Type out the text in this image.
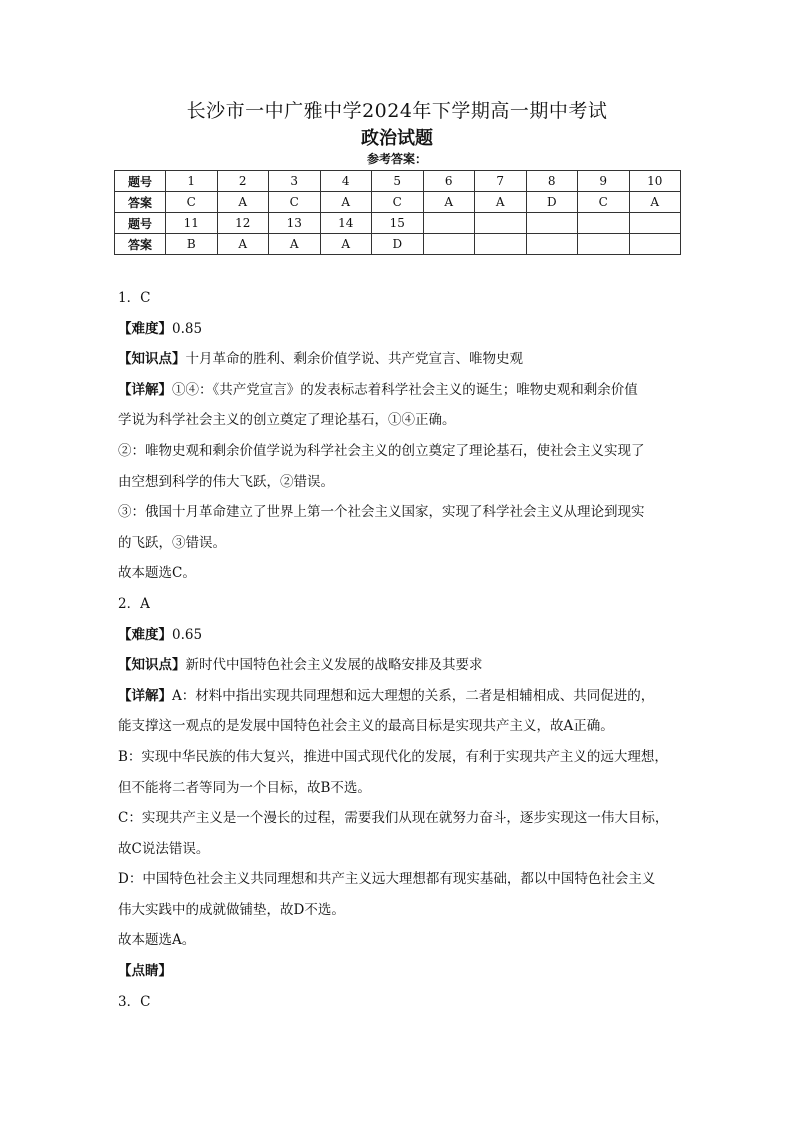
长沙市一中广雅中学2024年下学期高一期中考试
政治试题
参考答案：
题号	1	2	3	4	5	6	7	8	9	10
答案	C	A	C	A	C	A	A	D	C	A
题号	11	12	13	14	15					
答案	B	A	A	A	D					
1．C
【难度】0.85
【知识点】十月革命的胜利、剩余价值学说、共产党宣言、唯物史观
【详解】①④：《共产党宣言》的发表标志着科学社会主义的诞生；唯物史观和剩余价值
学说为科学社会主义的创立奠定了理论基石，①④正确。
②：唯物史观和剩余价值学说为科学社会主义的创立奠定了理论基石，使社会主义实现了
由空想到科学的伟大飞跃，②错误。
③：俄国十月革命建立了世界上第一个社会主义国家，实现了科学社会主义从理论到现实
的飞跃，③错误。
故本题选C。
2．A
【难度】0.65
【知识点】新时代中国特色社会主义发展的战略安排及其要求
【详解】A：材料中指出实现共同理想和远大理想的关系，二者是相辅相成、共同促进的，
能支撑这一观点的是发展中国特色社会主义的最高目标是实现共产主义，故A正确。
B：实现中华民族的伟大复兴，推进中国式现代化的发展，有利于实现共产主义的远大理想，
但不能将二者等同为一个目标，故B不选。
C：实现共产主义是一个漫长的过程，需要我们从现在就努力奋斗，逐步实现这一伟大目标，
故C说法错误。
D：中国特色社会主义共同理想和共产主义远大理想都有现实基础，都以中国特色社会主义
伟大实践中的成就做铺垫，故D不选。
故本题选A。
【点睛】
3．C
